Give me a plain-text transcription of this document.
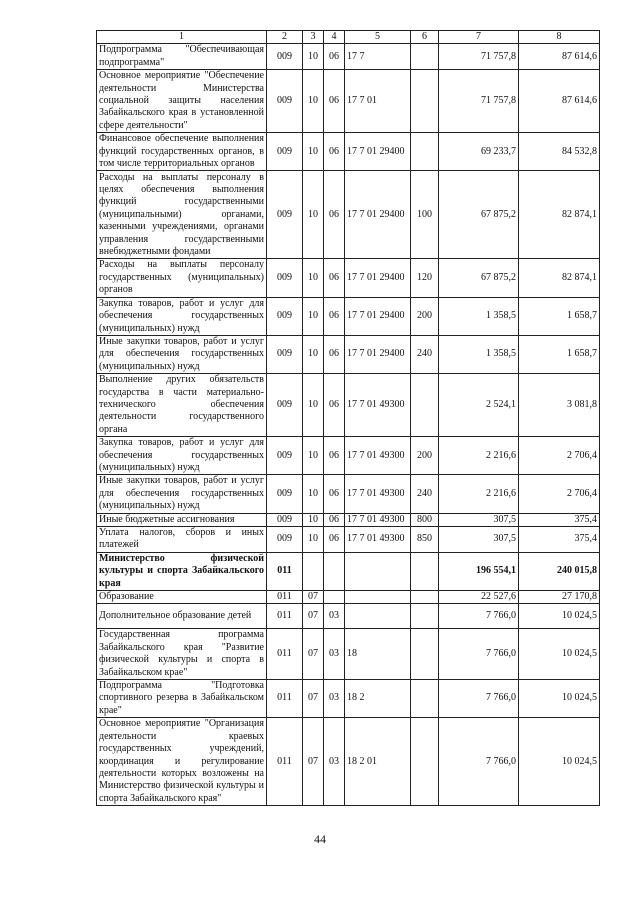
1	2	3	4	5	6	7	8
Подпрограмма "Обеспечивающая подпрограмма"	009	10	06	17 7		71 757,8	87 614,6
Основное мероприятие "Обеспечение деятельности Министерства социальной защиты населения Забайкальского края в установленной сфере деятельности"	009	10	06	17 7 01		71 757,8	87 614,6
Финансовое обеспечение выполнения функций государственных органов, в том числе территориальных органов	009	10	06	17 7 01 29400		69 233,7	84 532,8
Расходы на выплаты персоналу в целях обеспечения выполнения функций государственными (муниципальными) органами, казенными учреждениями, органами управления государственными внебюджетными фондами	009	10	06	17 7 01 29400	100	67 875,2	82 874,1
Расходы на выплаты персоналу государственных (муниципальных) органов	009	10	06	17 7 01 29400	120	67 875,2	82 874,1
Закупка товаров, работ и услуг для обеспечения государственных (муниципальных) нужд	009	10	06	17 7 01 29400	200	1 358,5	1 658,7
Иные закупки товаров, работ и услуг для обеспечения государственных (муниципальных) нужд	009	10	06	17 7 01 29400	240	1 358,5	1 658,7
Выполнение других обязательств государства в части материально-технического обеспечения деятельности государственного органа	009	10	06	17 7 01 49300		2 524,1	3 081,8
Закупка товаров, работ и услуг для обеспечения государственных (муниципальных) нужд	009	10	06	17 7 01 49300	200	2 216,6	2 706,4
Иные закупки товаров, работ и услуг для обеспечения государственных (муниципальных) нужд	009	10	06	17 7 01 49300	240	2 216,6	2 706,4
Иные бюджетные ассигнования	009	10	06	17 7 01 49300	800	307,5	375,4
Уплата налогов, сборов и иных платежей	009	10	06	17 7 01 49300	850	307,5	375,4
Министерство физической культуры и спорта Забайкальского края	011					196 554,1	240 015,8
Образование	011	07				22 527,6	27 170,8
Дополнительное образование детей	011	07	03			7 766,0	10 024,5
Государственная программа Забайкальского края "Развитие физической культуры и спорта в Забайкальском крае"	011	07	03	18		7 766,0	10 024,5
Подпрограмма "Подготовка спортивного резерва в Забайкальском крае"	011	07	03	18 2		7 766,0	10 024,5
Основное мероприятие "Организация деятельности краевых государственных учреждений, координация и регулирование деятельности которых возложены на Министерство физической культуры и спорта Забайкальского края"	011	07	03	18 2 01		7 766,0	10 024,5
44
